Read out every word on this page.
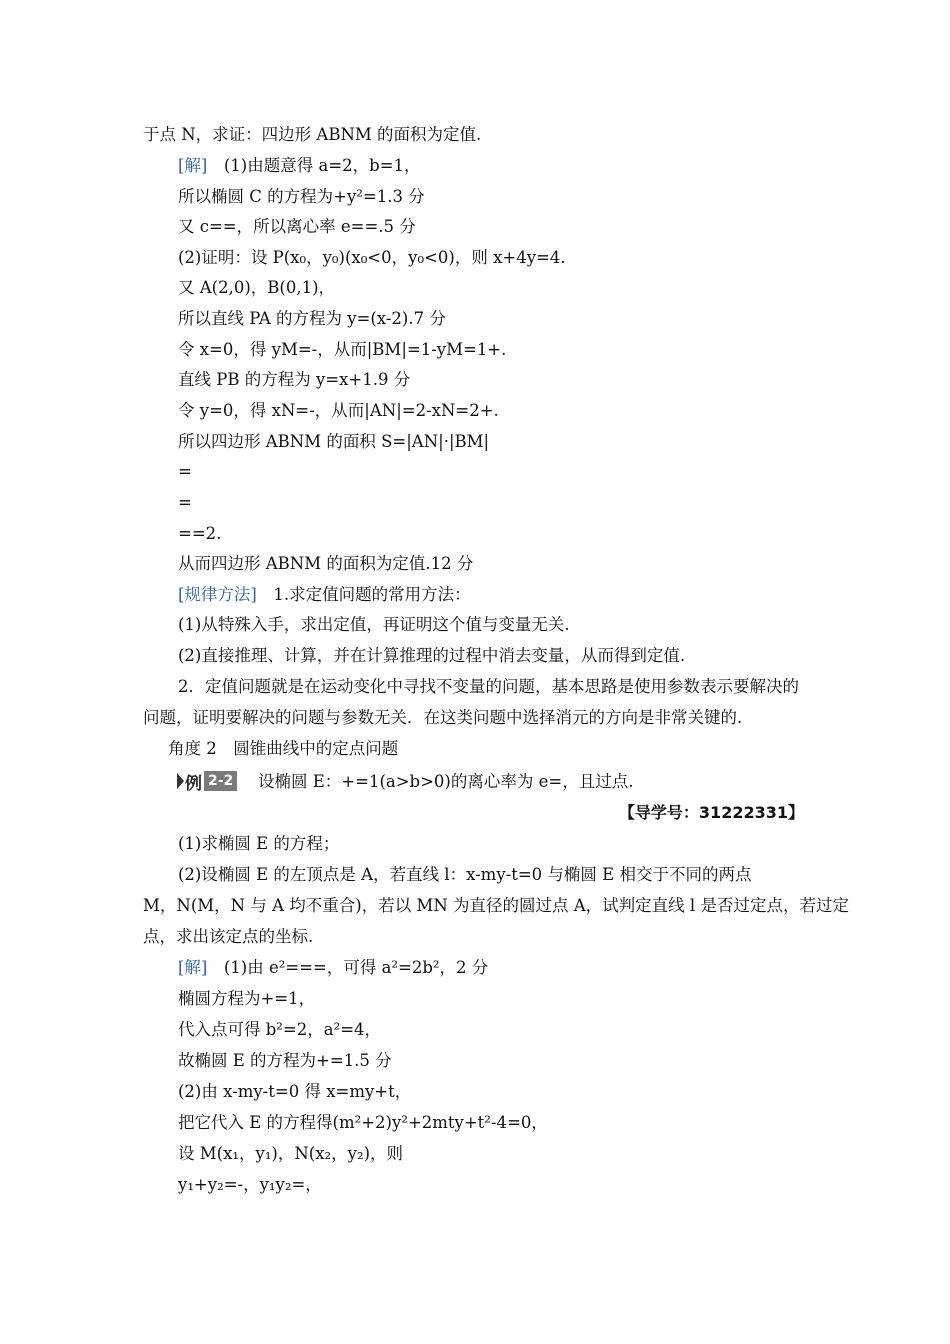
于点 N，求证：四边形 ABNM 的面积为定值.
[解]　 (1)由题意得 a=2，b=1，
所以椭圆 C 的方程为+y²=1.3 分
又 c==，所以离心率 e==.5 分
(2)证明：设 P(x₀，y₀)(x₀<0，y₀<0)，则 x+4y=4.
又 A(2,0)，B(0,1)，
所以直线 PA 的方程为 y=(x-2).7 分
令 x=0，得 yM=-，从而|BM|=1-yM=1+.
直线 PB 的方程为 y=x+1.9 分
令 y=0，得 xN=-，从而|AN|=2-xN=2+.
所以四边形 ABNM 的面积 S=|AN|·|BM|
=
=
==2.
从而四边形 ABNM 的面积为定值.12 分
[规律方法]　 1.求定值问题的常用方法：
(1)从特殊入手，求出定值，再证明这个值与变量无关.
(2)直接推理、计算，并在计算推理的过程中消去变量，从而得到定值.
2．定值问题就是在运动变化中寻找不变量的问题，基本思路是使用参数表示要解决的
问题，证明要解决的问题与参数无关．在这类问题中选择消元的方向是非常关键的.
角度 2　圆锥曲线中的定点问题
例 2-2 设椭圆 E：+=1(a>b>0)的离心率为 e=，且过点.
【导学号：31222331】
(1)求椭圆 E 的方程；
(2)设椭圆 E 的左顶点是 A，若直线 l：x-my-t=0 与椭圆 E 相交于不同的两点
M，N(M，N 与 A 均不重合)，若以 MN 为直径的圆过点 A，试判定直线 l 是否过定点，若过定
点，求出该定点的坐标.
[解]　 (1)由 e²===，可得 a²=2b²，2 分
椭圆方程为+=1，
代入点可得 b²=2，a²=4，
故椭圆 E 的方程为+=1.5 分
(2)由 x-my-t=0 得 x=my+t，
把它代入 E 的方程得(m²+2)y²+2mty+t²-4=0，
设 M(x₁，y₁)，N(x₂，y₂)，则
y₁+y₂=-，y₁y₂=，
